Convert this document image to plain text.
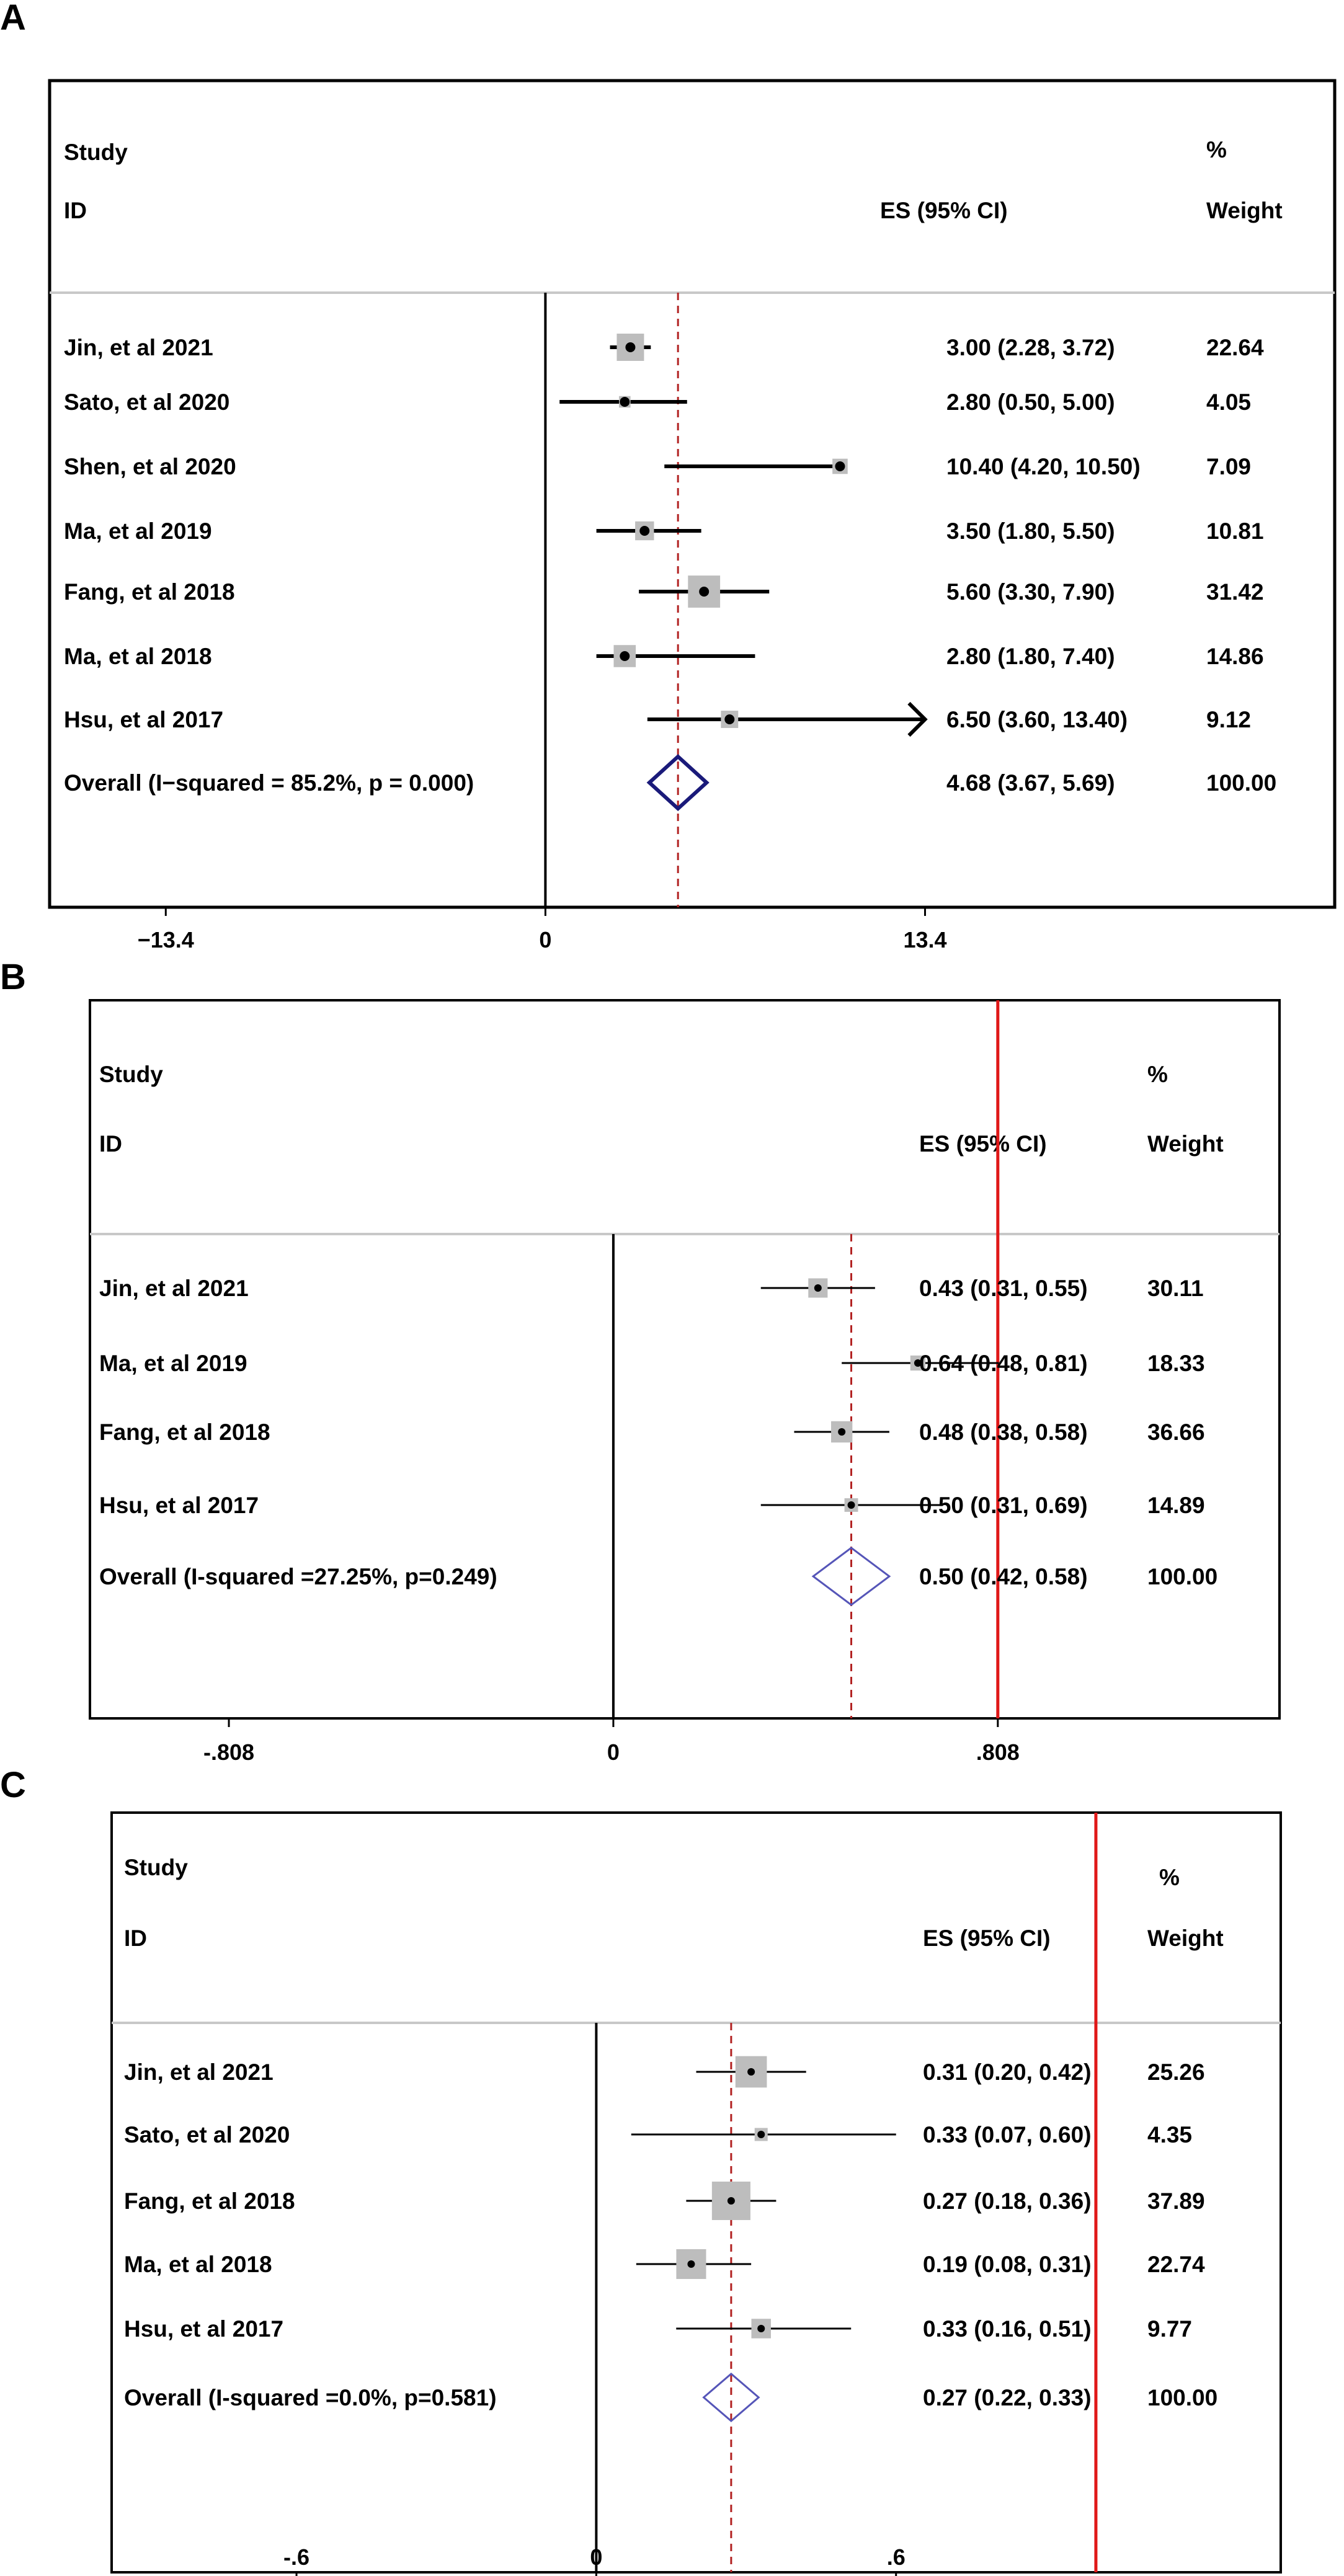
A
Study
ID	ES (95% CI)
%
Weight
Jin, et al 2021	3.00 (2.28, 3.72)	22.64
Sato, et al 2020	2.80 (0.50, 5.00)	4.05
Shen, et al 2020	10.40 (4.20, 10.50)	7.09
Ma, et al 2019	3.50 (1.80, 5.50)	10.81
Fang, et al 2018	5.60 (3.30, 7.90)	31.42
Ma, et al 2018	2.80 (1.80, 7.40)	14.86
Hsu, et al 2017	6.50 (3.60, 13.40)	9.12
Overall (I−squared = 85.2%, p = 0.000)	4.68 (3.67, 5.69)	100.00
−13.4	0	13.4
B
Study
ID	ES (95% CI)
%
Weight
Jin, et al 2021	0.43 (0.31, 0.55)	30.11
Ma, et al 2019	0.64 (0.48, 0.81)	18.33
Fang, et al 2018	0.48 (0.38, 0.58)	36.66
Hsu, et al 2017	0.50 (0.31, 0.69)	14.89
Overall (I-squared =27.25%, p=0.249)	0.50 (0.42, 0.58)	100.00
-.808	0	.808
C
Study
ID	ES (95% CI)
%
Weight
Jin, et al 2021	0.31 (0.20, 0.42) 25.26
Sato, et al 2020	0.33 (0.07, 0.60) 4.35
Fang, et al 2018	0.27 (0.18, 0.36) 37.89
Ma, et al 2018	0.19 (0.08, 0.31) 22.74
Hsu, et al 2017	0.33 (0.16, 0.51) 9.77
Overall (I-squared =0.0%, p=0.581)	0.27 (0.22, 0.33) 100.00
-.6	0	.6
